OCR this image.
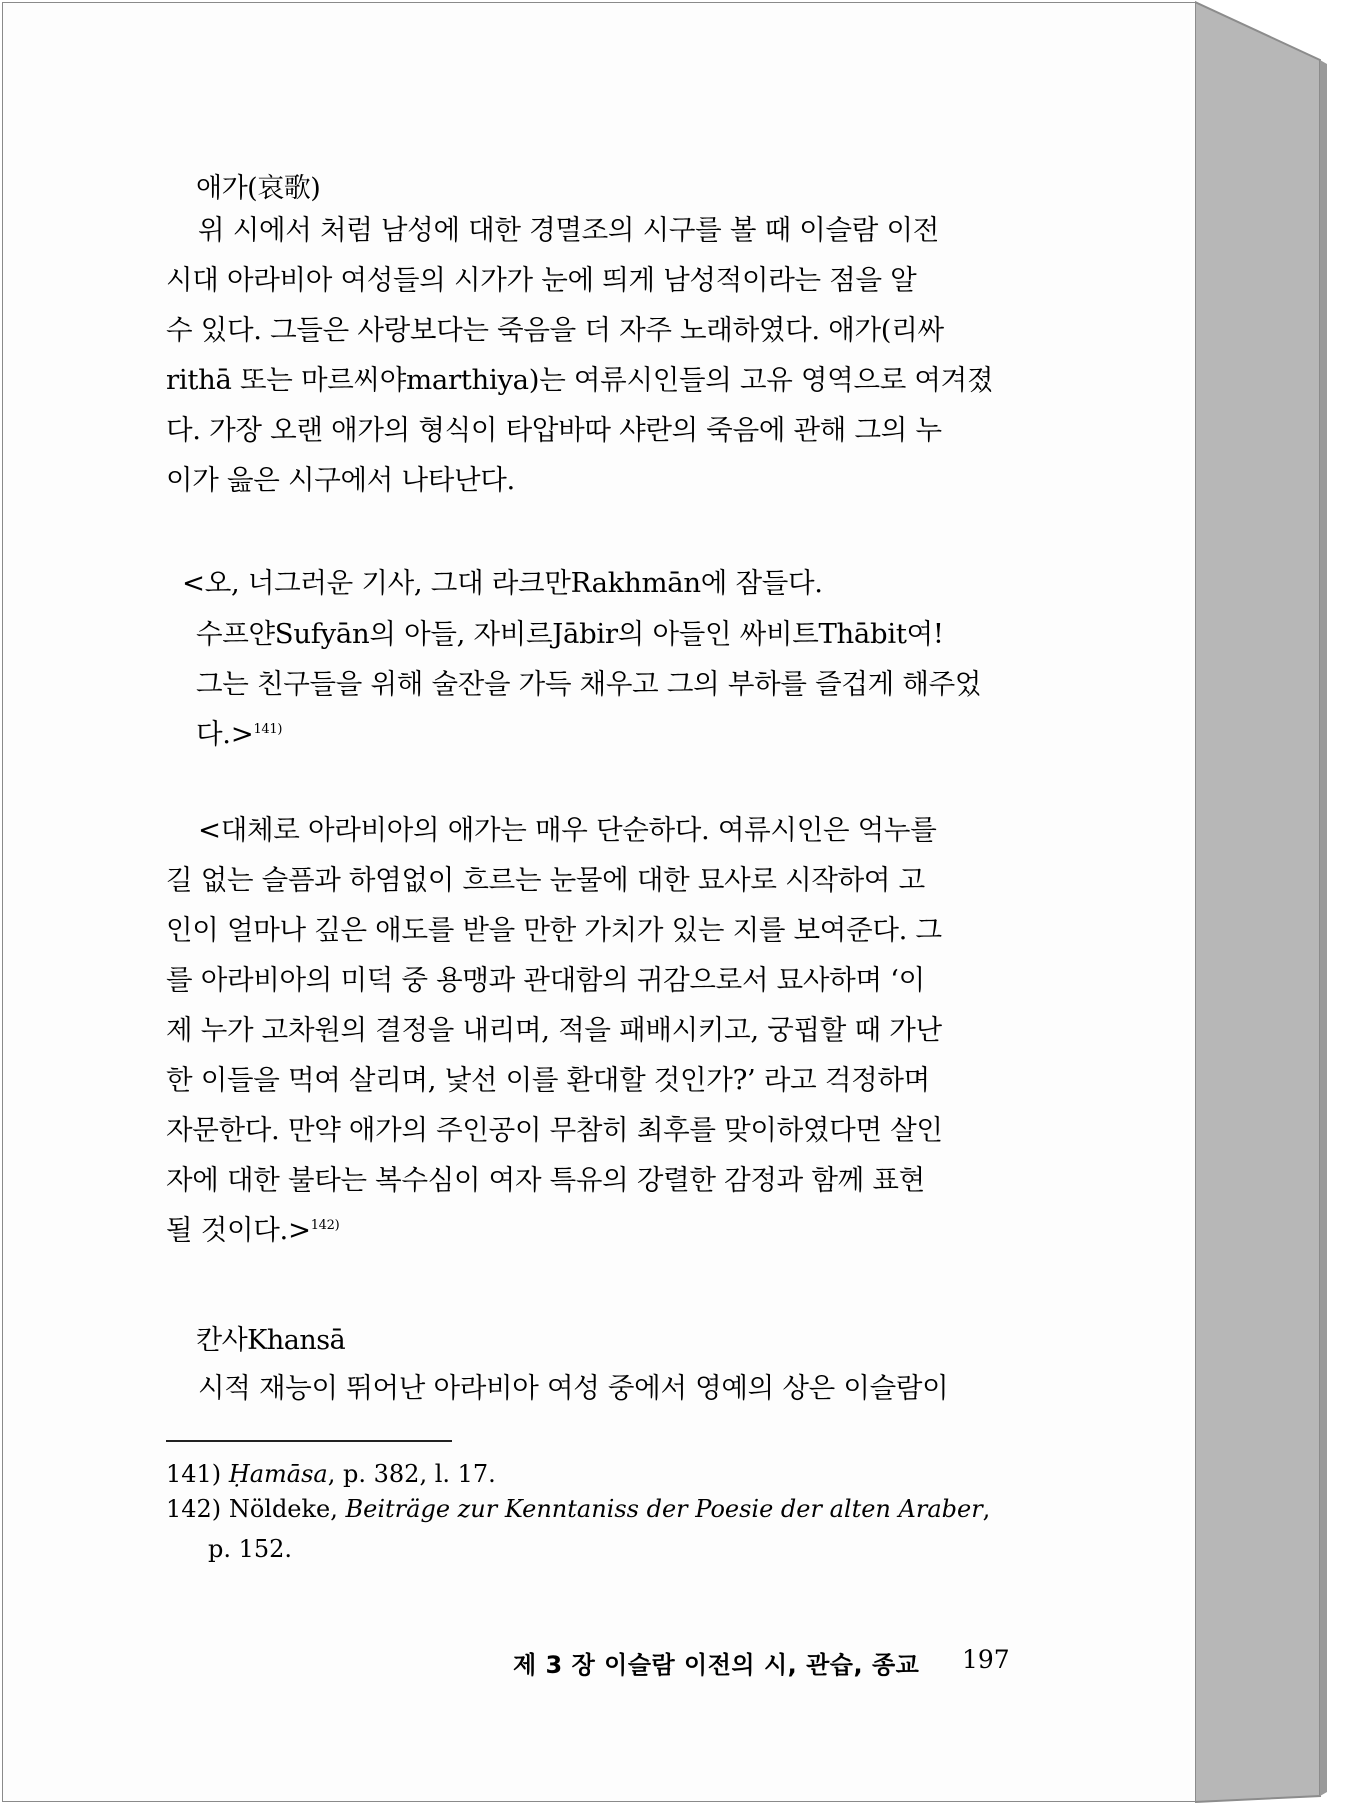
애가(哀歌)
위 시에서 처럼 남성에 대한 경멸조의 시구를 볼 때 이슬람 이전
시대 아라비아 여성들의 시가가 눈에 띄게 남성적이라는 점을 알
수 있다. 그들은 사랑보다는 죽음을 더 자주 노래하였다. 애가(리싸
rithā 또는 마르씨야marthiya)는 여류시인들의 고유 영역으로 여겨졌
다. 가장 오랜 애가의 형식이 타압바따 샤란의 죽음에 관해 그의 누
이가 읊은 시구에서 나타난다.
<오, 너그러운 기사, 그대 라크만Rakhmān에 잠들다.
수프얀Sufyān의 아들, 자비르Jābir의 아들인 싸비트Thābit여!
그는 친구들을 위해 술잔을 가득 채우고 그의 부하를 즐겁게 해주었
다.>$^{141)}$
<대체로 아라비아의 애가는 매우 단순하다. 여류시인은 억누를
길 없는 슬픔과 하염없이 흐르는 눈물에 대한 묘사로 시작하여 고
인이 얼마나 깊은 애도를 받을 만한 가치가 있는 지를 보여준다. 그
를 아라비아의 미덕 중 용맹과 관대함의 귀감으로서 묘사하며 ‘이
제 누가 고차원의 결정을 내리며, 적을 패배시키고, 궁핍할 때 가난
한 이들을 먹여 살리며, 낯선 이를 환대할 것인가?’ 라고 걱정하며
자문한다. 만약 애가의 주인공이 무참히 최후를 맞이하였다면 살인
자에 대한 불타는 복수심이 여자 특유의 강렬한 감정과 함께 표현
될 것이다.>$^{142)}$
칸사Khansā
시적 재능이 뛰어난 아라비아 여성 중에서 영예의 상은 이슬람이
141) Ḥamāsa, p. 382, l. 17.
142) Nöldeke, Beiträge zur Kenntaniss der Poesie der alten Araber,
p. 152.
제 3 장 이슬람 이전의 시, 관습, 종교 197
